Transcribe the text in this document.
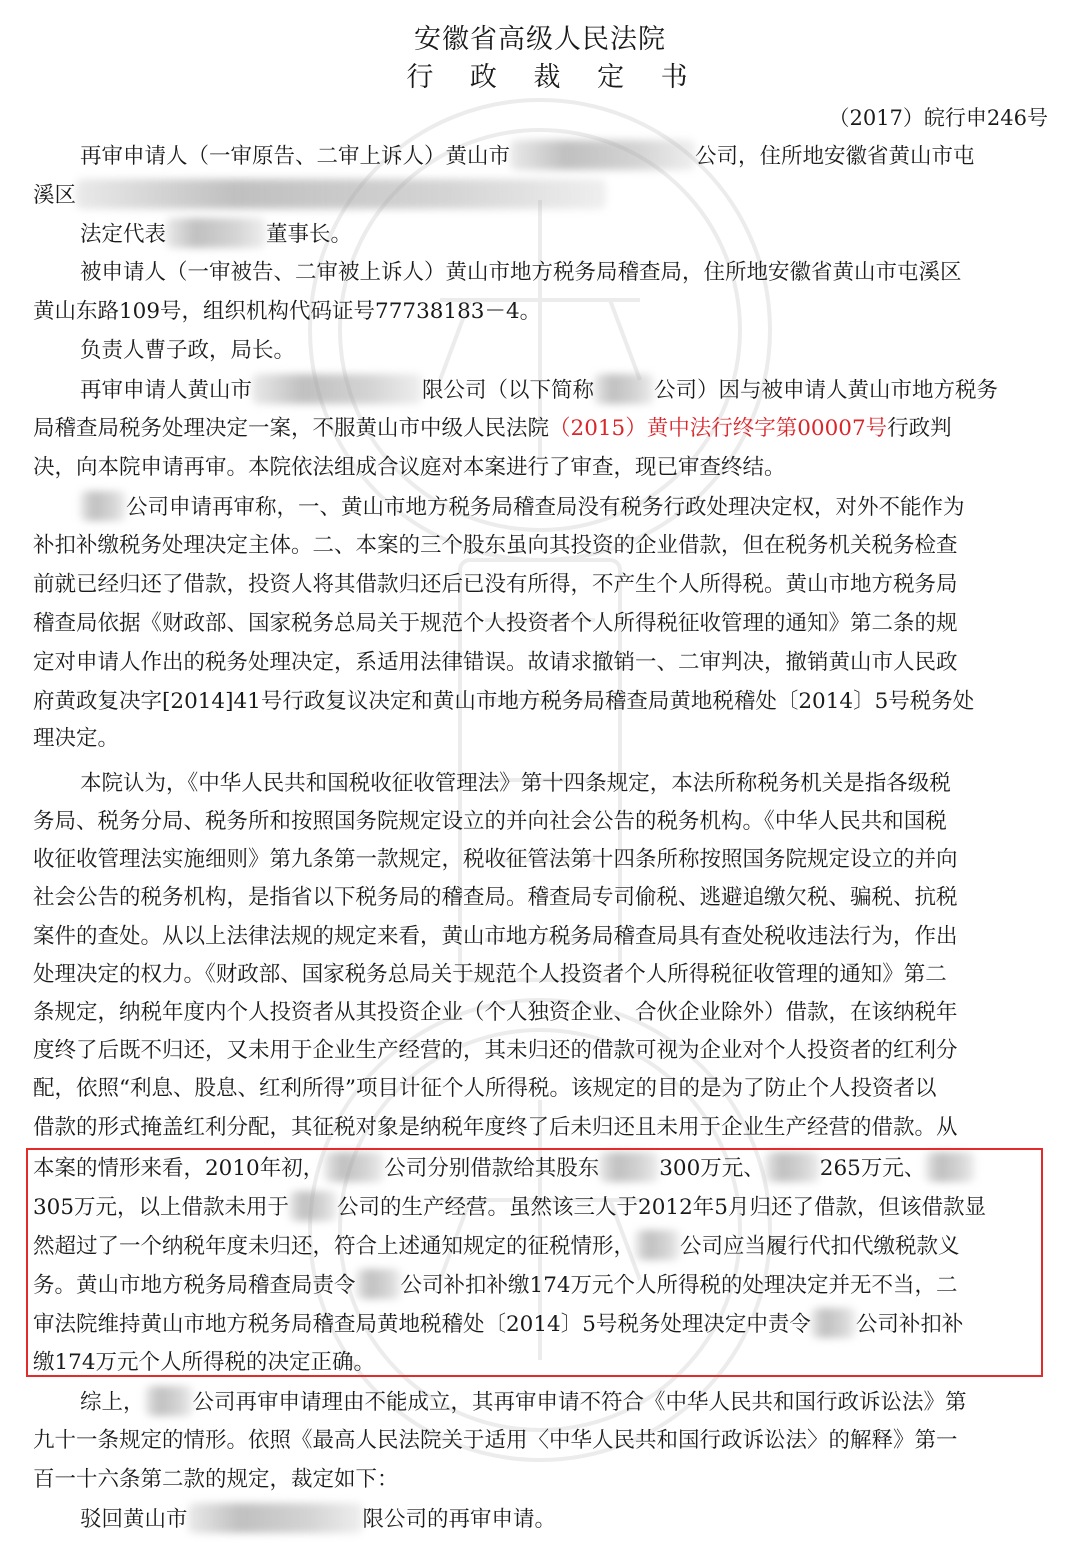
安徽省高级人民法院
行 政 裁 定 书
（2017）皖行申246号
再审申请人（一审原告、二审上诉人）黄山市	公司，住所地安徽省黄山市屯
溪区
法定代表	董事长。
被申请人（一审被告、二审被上诉人）黄山市地方税务局稽查局，住所地安徽省黄山市屯溪区
黄山东路109号，组织机构代码证号77738183－4。
负责人曹子政，局长。
再审申请人黄山市	限公司（以下简称	公司）因与被申请人黄山市地方税务
局稽查局税务处理决定一案，不服黄山市中级人民法院（2015）黄中法行终字第00007号行政判
决，向本院申请再审。本院依法组成合议庭对本案进行了审查，现已审查终结。
公司申请再审称，一、黄山市地方税务局稽查局没有税务行政处理决定权，对外不能作为
补扣补缴税务处理决定主体。二、本案的三个股东虽向其投资的企业借款，但在税务机关税务检查
前就已经归还了借款，投资人将其借款归还后已没有所得，不产生个人所得税。黄山市地方税务局
稽查局依据《财政部、国家税务总局关于规范个人投资者个人所得税征收管理的通知》第二条的规
定对申请人作出的税务处理决定，系适用法律错误。故请求撤销一、二审判决，撤销黄山市人民政
府黄政复决字[2014]41号行政复议决定和黄山市地方税务局稽查局黄地税稽处〔2014〕5号税务处
理决定。
本院认为，《中华人民共和国税收征收管理法》第十四条规定，本法所称税务机关是指各级税
务局、税务分局、税务所和按照国务院规定设立的并向社会公告的税务机构。《中华人民共和国税
收征收管理法实施细则》第九条第一款规定，税收征管法第十四条所称按照国务院规定设立的并向
社会公告的税务机构，是指省以下税务局的稽查局。稽查局专司偷税、逃避追缴欠税、骗税、抗税
案件的查处。从以上法律法规的规定来看，黄山市地方税务局稽查局具有查处税收违法行为，作出
处理决定的权力。《财政部、国家税务总局关于规范个人投资者个人所得税征收管理的通知》第二
条规定，纳税年度内个人投资者从其投资企业（个人独资企业、合伙企业除外）借款，在该纳税年
度终了后既不归还，又未用于企业生产经营的，其未归还的借款可视为企业对个人投资者的红利分
配，依照“利息、股息、红利所得”项目计征个人所得税。该规定的目的是为了防止个人投资者以
借款的形式掩盖红利分配，其征税对象是纳税年度终了后未归还且未用于企业生产经营的借款。从
本案的情形来看，2010年初，	公司分别借款给其股东	300万元、	265万元、
305万元，以上借款未用于 公司的生产经营。虽然该三人于2012年5月归还了借款，但该借款显
然超过了一个纳税年度未归还，符合上述通知规定的征税情形， 公司应当履行代扣代缴税款义
务。黄山市地方税务局稽查局责令 公司补扣补缴174万元个人所得税的处理决定并无不当，二
审法院维持黄山市地方税务局稽查局黄地税稽处〔2014〕5号税务处理决定中责令 公司补扣补
缴174万元个人所得税的决定正确。
综上， 公司再审申请理由不能成立，其再审申请不符合《中华人民共和国行政诉讼法》第
九十一条规定的情形。依照《最高人民法院关于适用〈中华人民共和国行政诉讼法〉的解释》第一
百一十六条第二款的规定，裁定如下：
驳回黄山市	限公司的再审申请。
